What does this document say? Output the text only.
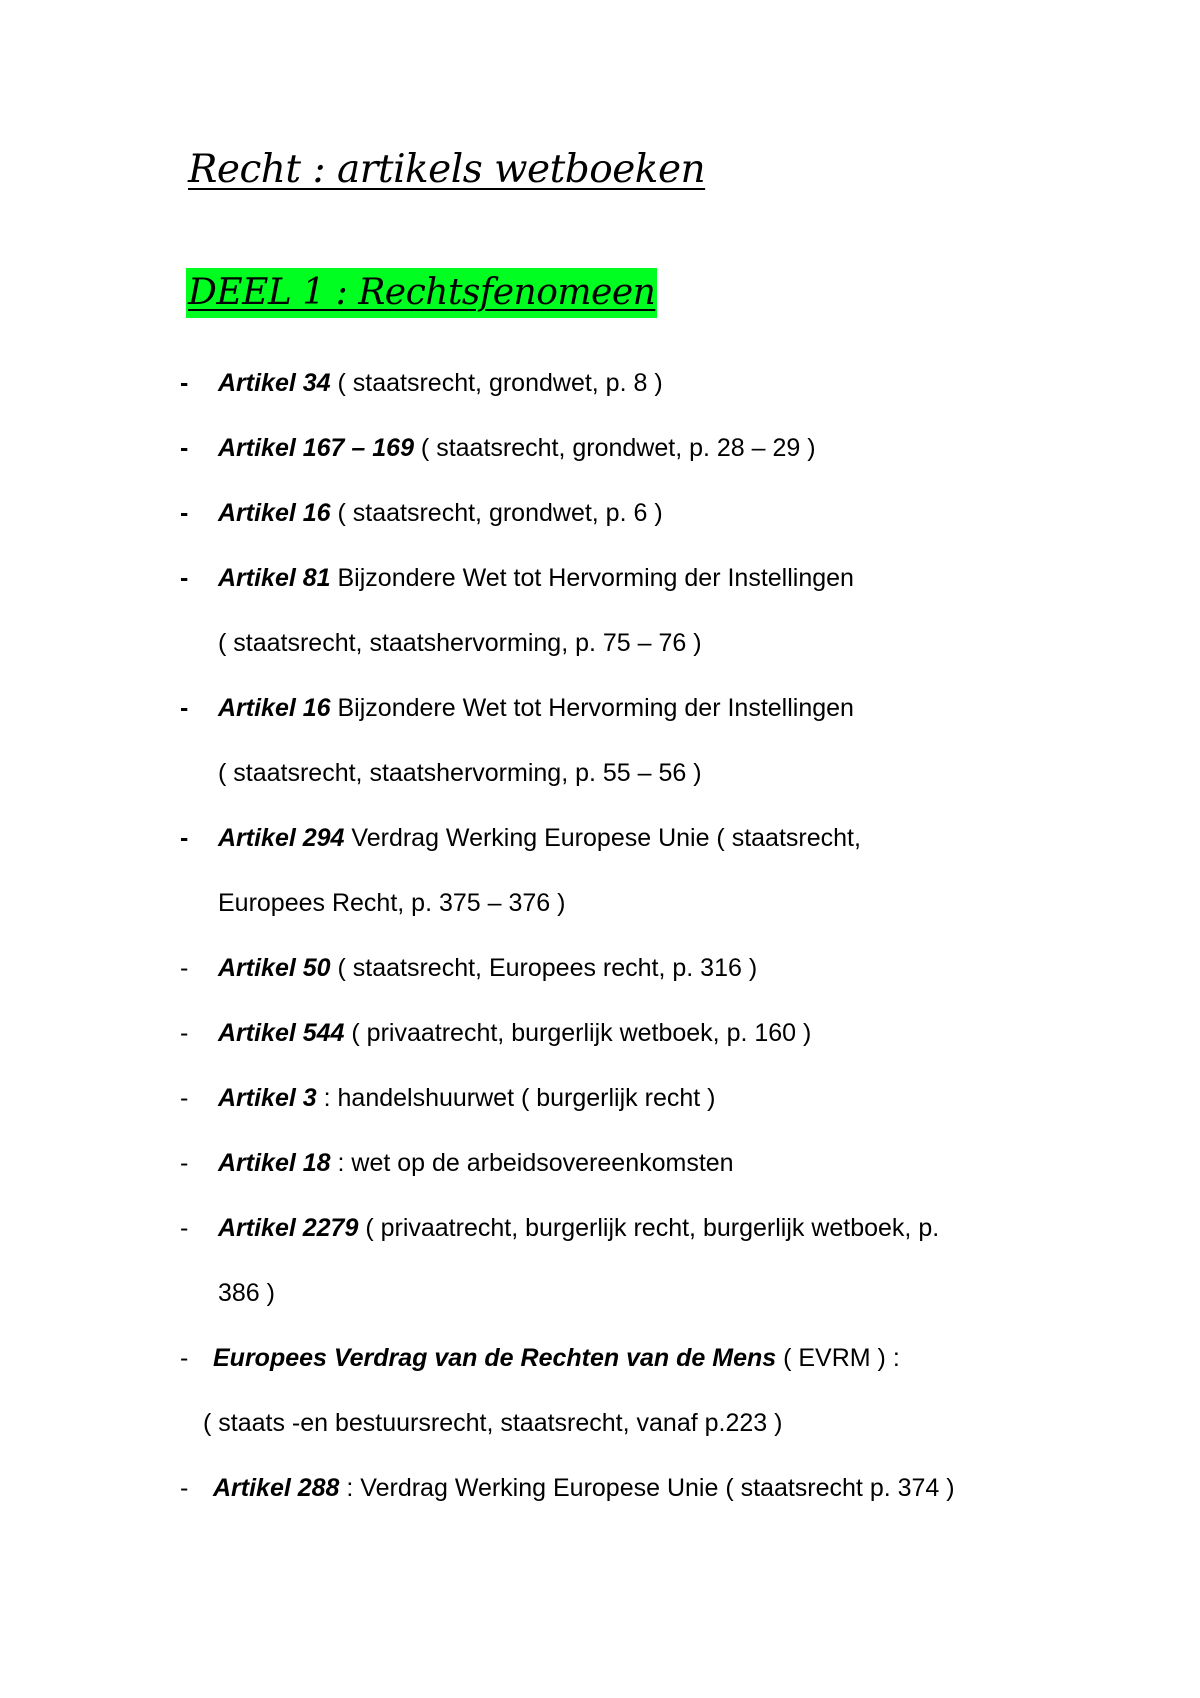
Recht : artikels wetboeken
DEEL 1 : Rechtsfenomeen
- Artikel 34 ( staatsrecht, grondwet, p. 8 )
- Artikel 167 – 169 ( staatsrecht, grondwet, p. 28 – 29 )
- Artikel 16 ( staatsrecht, grondwet, p. 6 )
- Artikel 81 Bijzondere Wet tot Hervorming der Instellingen
( staatsrecht, staatshervorming, p. 75 – 76 )
- Artikel 16 Bijzondere Wet tot Hervorming der Instellingen
( staatsrecht, staatshervorming, p. 55 – 56 )
- Artikel 294 Verdrag Werking Europese Unie ( staatsrecht,
Europees Recht, p. 375 – 376 )
- Artikel 50 ( staatsrecht, Europees recht, p. 316 )
- Artikel 544 ( privaatrecht, burgerlijk wetboek, p. 160 )
- Artikel 3 : handelshuurwet ( burgerlijk recht )
- Artikel 18 : wet op de arbeidsovereenkomsten
- Artikel 2279 ( privaatrecht, burgerlijk recht, burgerlijk wetboek, p.
386 )
- Europees Verdrag van de Rechten van de Mens ( EVRM ) :
( staats -en bestuursrecht, staatsrecht, vanaf p.223 )
- Artikel 288 : Verdrag Werking Europese Unie ( staatsrecht p. 374 )
